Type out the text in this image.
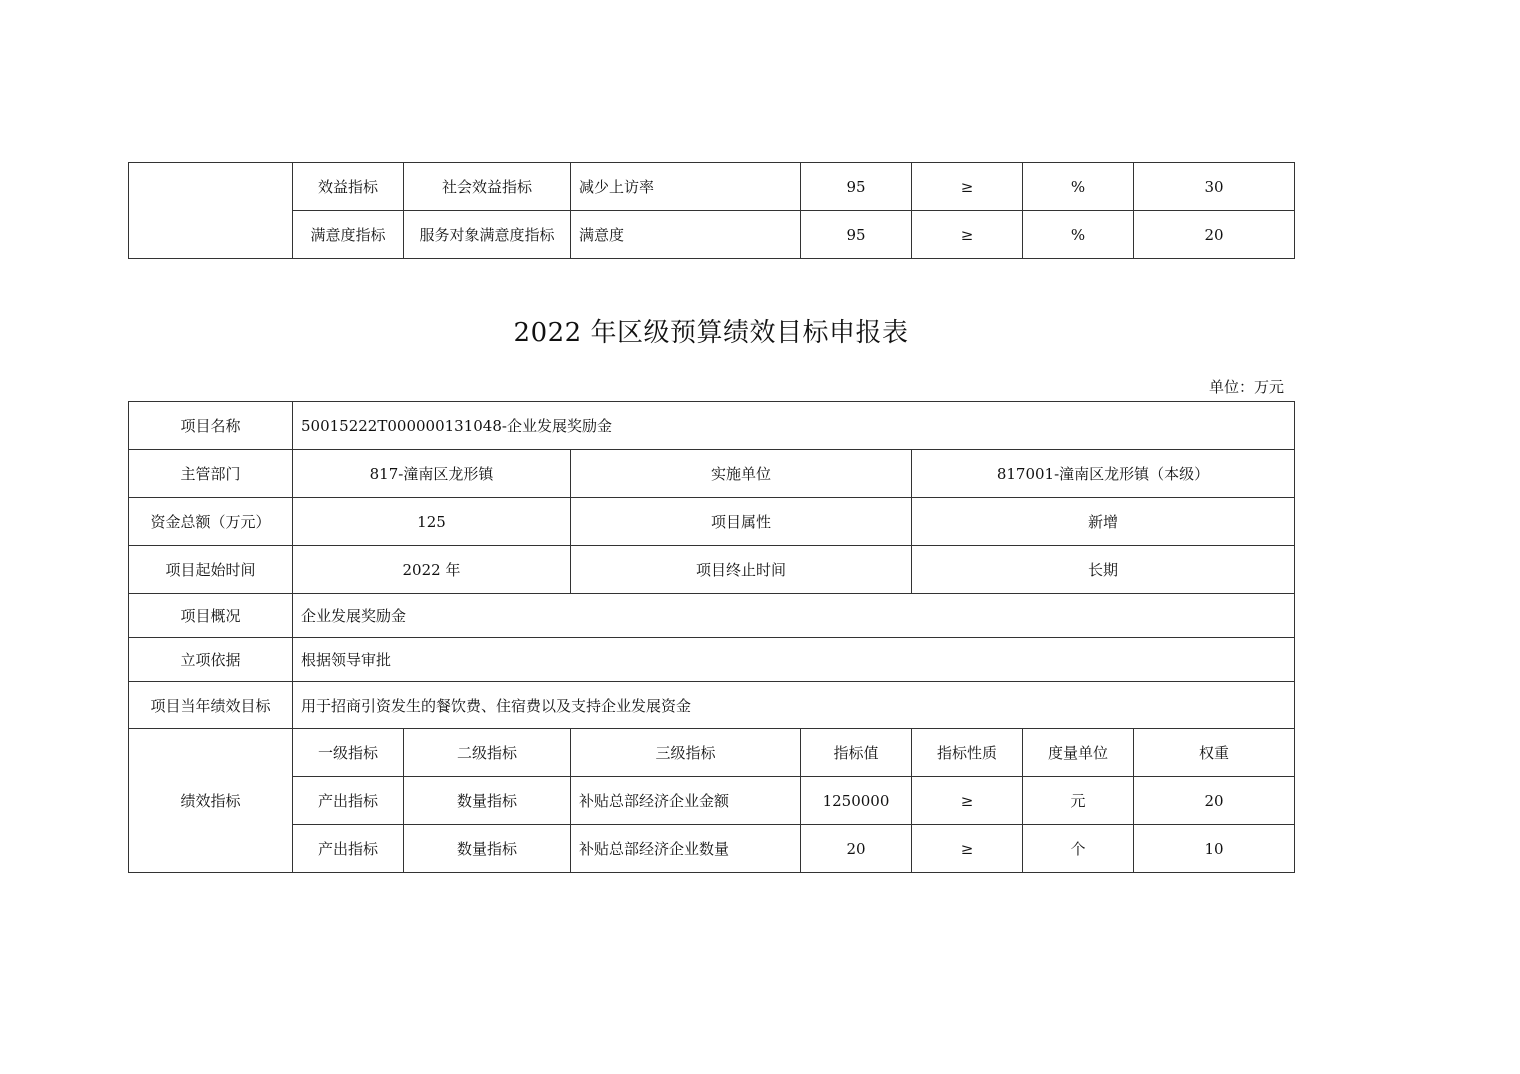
	效益指标	社会效益指标	减少上访率	95	≥	%	30
	满意度指标	服务对象满意度指标	满意度	95	≥	%	20
2022 年区级预算绩效目标申报表
单位：万元
项目名称	50015222T000000131048-企业发展奖励金						
主管部门	817-潼南区龙形镇		实施单位		817001-潼南区龙形镇（本级）		
资金总额（万元）	125		项目属性		新增		
项目起始时间	2022 年		项目终止时间		长期		
项目概况	企业发展奖励金						
立项依据	根据领导审批						
项目当年绩效目标	用于招商引资发生的餐饮费、住宿费以及支持企业发展资金						
绩效指标	一级指标	二级指标	三级指标	指标值	指标性质	度量单位	权重
	产出指标	数量指标	补贴总部经济企业金额	1250000	≥	元	20
	产出指标	数量指标	补贴总部经济企业数量	20	≥	个	10
